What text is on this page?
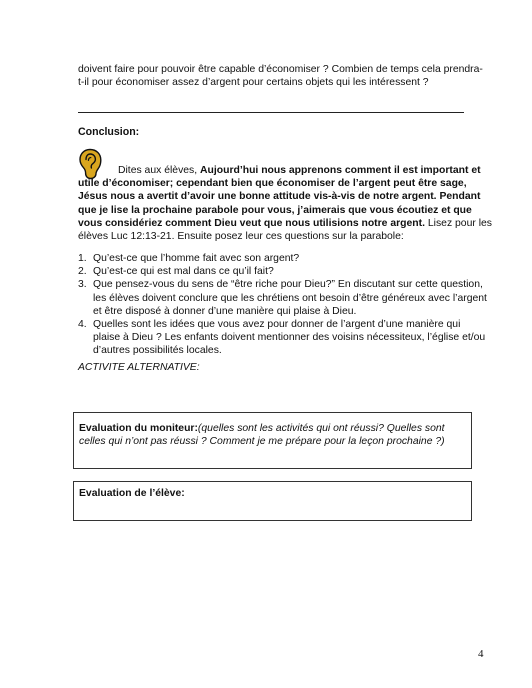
doivent faire pour pouvoir être capable d’économiser ? Combien de temps cela prendra-
t-il pour économiser assez d’argent pour certains objets qui les intéressent ?
Conclusion:
Dites aux élèves, Aujourd’hui nous apprenons comment il est important et utile d’économiser; cependant bien que économiser de l’argent peut être sage, Jésus nous a avertit d’avoir une bonne attitude vis-à-vis de notre argent. Pendant que je lise la prochaine parabole pour vous, j’aimerais que vous écoutiez et que vous considériez comment Dieu veut que nous utilisions notre argent. Lisez pour les élèves Luc 12:13-21. Ensuite posez leur ces questions sur la parabole:
1. Qu’est-ce que l’homme fait avec son argent?
2. Qu’est-ce qui est mal dans ce qu’il fait?
3. Que pensez-vous du sens de “être riche pour Dieu?” En discutant sur cette question, les élèves doivent conclure que les chrétiens ont besoin d’être généreux avec l’argent et être disposé à donner d’une manière qui plaise à Dieu.
4. Quelles sont les idées que vous avez pour donner de l’argent d’une manière qui plaise à Dieu ? Les enfants doivent mentionner des voisins nécessiteux, l’église et/ou d’autres possibilités locales.
ACTIVITE ALTERNATIVE:
Evaluation du moniteur:(quelles sont les activités qui ont réussi? Quelles sont celles qui n’ont pas réussi ? Comment je me prépare pour la leçon prochaine ?)
Evaluation de l’élève:
4
